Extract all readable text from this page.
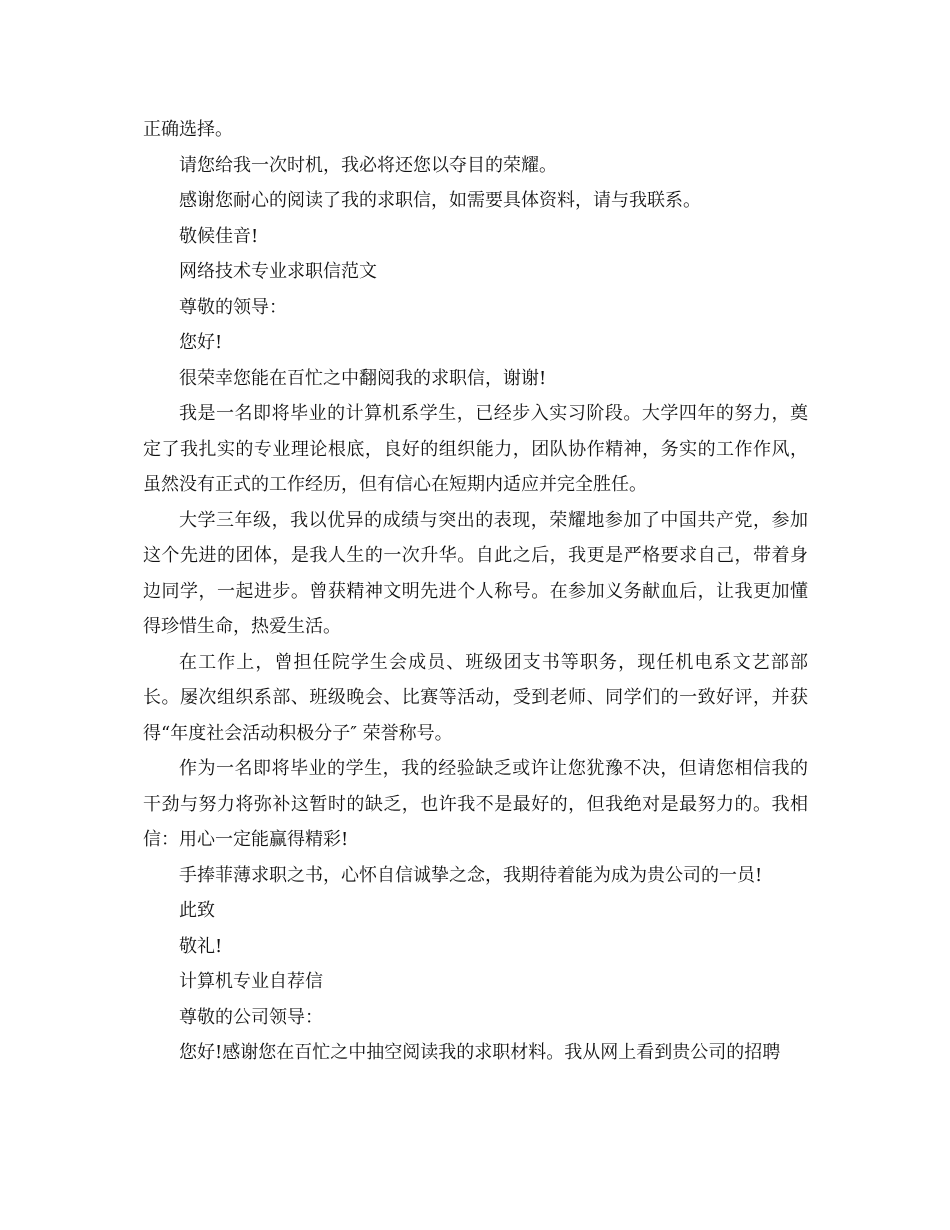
正确选择。

请您给我一次时机，我必将还您以夺目的荣耀。

感谢您耐心的阅读了我的求职信，如需要具体资料，请与我联系。

敬候佳音!

网络技术专业求职信范文

尊敬的领导：

您好!

很荣幸您能在百忙之中翻阅我的求职信，谢谢!

我是一名即将毕业的计算机系学生，已经步入实习阶段。大学四年的努力，奠定了我扎实的专业理论根底，良好的组织能力，团队协作精神，务实的工作作风，虽然没有正式的工作经历，但有信心在短期内适应并完全胜任。

大学三年级，我以优异的成绩与突出的表现，荣耀地参加了中国共产党，参加这个先进的团体，是我人生的一次升华。自此之后，我更是严格要求自己，带着身边同学，一起进步。曾获精神文明先进个人称号。在参加义务献血后，让我更加懂得珍惜生命，热爱生活。

在工作上，曾担任院学生会成员、班级团支书等职务，现任机电系文艺部部长。屡次组织系部、班级晚会、比赛等活动，受到老师、同学们的一致好评，并获得“年度社会活动积极分子″ 荣誉称号。

作为一名即将毕业的学生，我的经验缺乏或许让您犹豫不决，但请您相信我的干劲与努力将弥补这暂时的缺乏，也许我不是最好的，但我绝对是最努力的。我相信：用心一定能赢得精彩!

手捧菲薄求职之书，心怀自信诚挚之念，我期待着能为成为贵公司的一员!

此致

敬礼!

计算机专业自荐信

尊敬的公司领导：

您好!感谢您在百忙之中抽空阅读我的求职材料。我从网上看到贵公司的招聘
